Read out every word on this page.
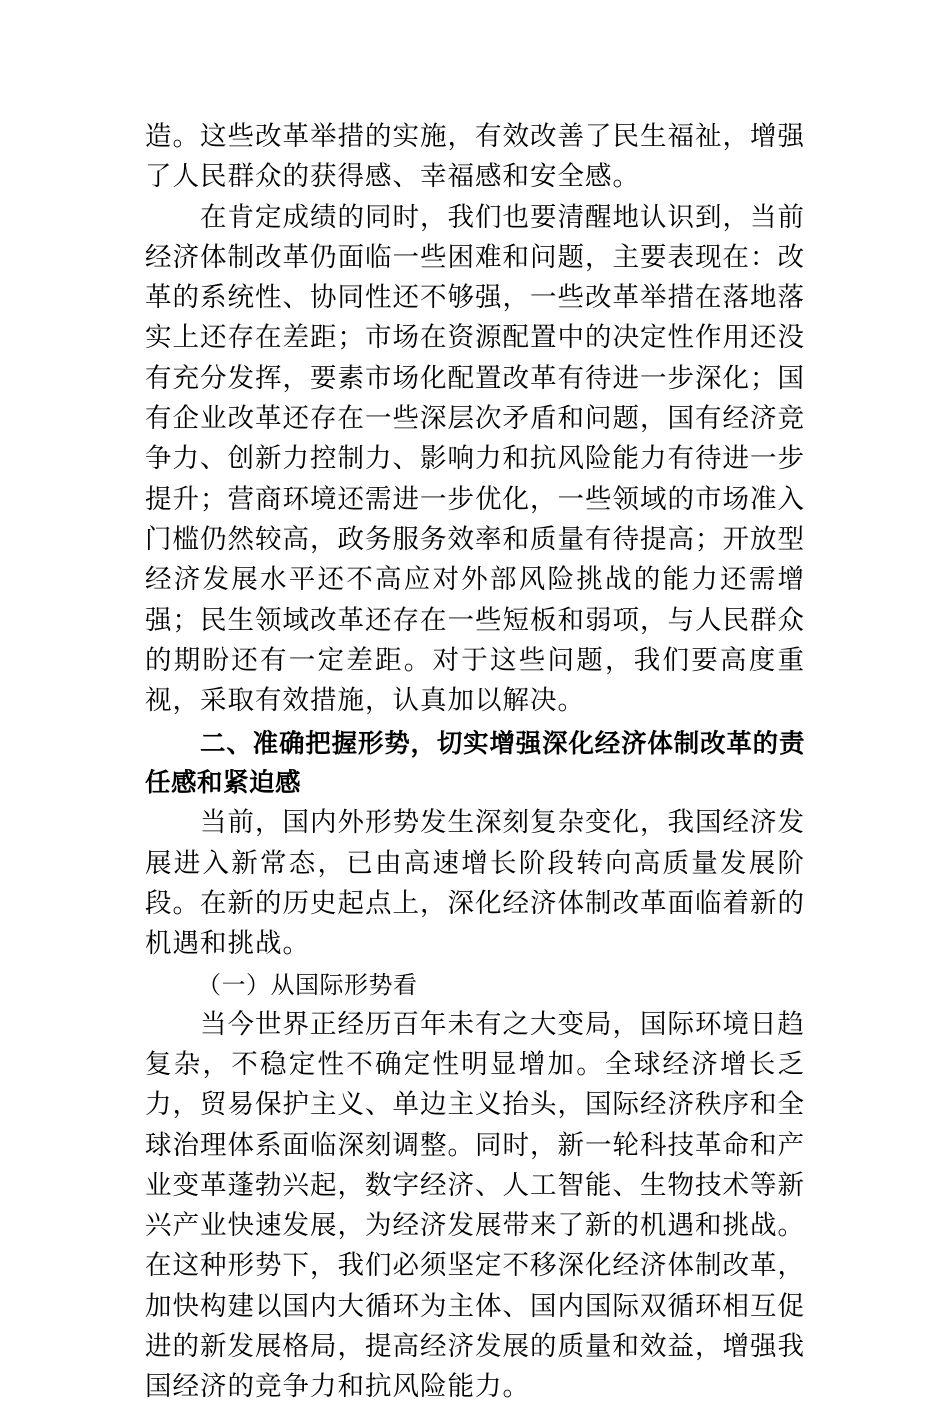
造。这些改革举措的实施，有效改善了民生福祉，增强了人民群众的获得感、幸福感和安全感。

在肯定成绩的同时，我们也要清醒地认识到，当前经济体制改革仍面临一些困难和问题，主要表现在：改革的系统性、协同性还不够强，一些改革举措在落地落实上还存在差距；市场在资源配置中的决定性作用还没有充分发挥，要素市场化配置改革有待进一步深化；国有企业改革还存在一些深层次矛盾和问题，国有经济竞争力、创新力控制力、影响力和抗风险能力有待进一步提升；营商环境还需进一步优化，一些领域的市场准入门槛仍然较高，政务服务效率和质量有待提高；开放型经济发展水平还不高应对外部风险挑战的能力还需增强；民生领域改革还存在一些短板和弱项，与人民群众的期盼还有一定差距。对于这些问题，我们要高度重视，采取有效措施，认真加以解决。

二、准确把握形势，切实增强深化经济体制改革的责任感和紧迫感

当前，国内外形势发生深刻复杂变化，我国经济发展进入新常态，已由高速增长阶段转向高质量发展阶段。在新的历史起点上，深化经济体制改革面临着新的机遇和挑战。

（一）从国际形势看

当今世界正经历百年未有之大变局，国际环境日趋复杂，不稳定性不确定性明显增加。全球经济增长乏力，贸易保护主义、单边主义抬头，国际经济秩序和全球治理体系面临深刻调整。同时，新一轮科技革命和产业变革蓬勃兴起，数字经济、人工智能、生物技术等新兴产业快速发展，为经济发展带来了新的机遇和挑战。在这种形势下，我们必须坚定不移深化经济体制改革，加快构建以国内大循环为主体、国内国际双循环相互促进的新发展格局，提高经济发展的质量和效益，增强我国经济的竞争力和抗风险能力。
